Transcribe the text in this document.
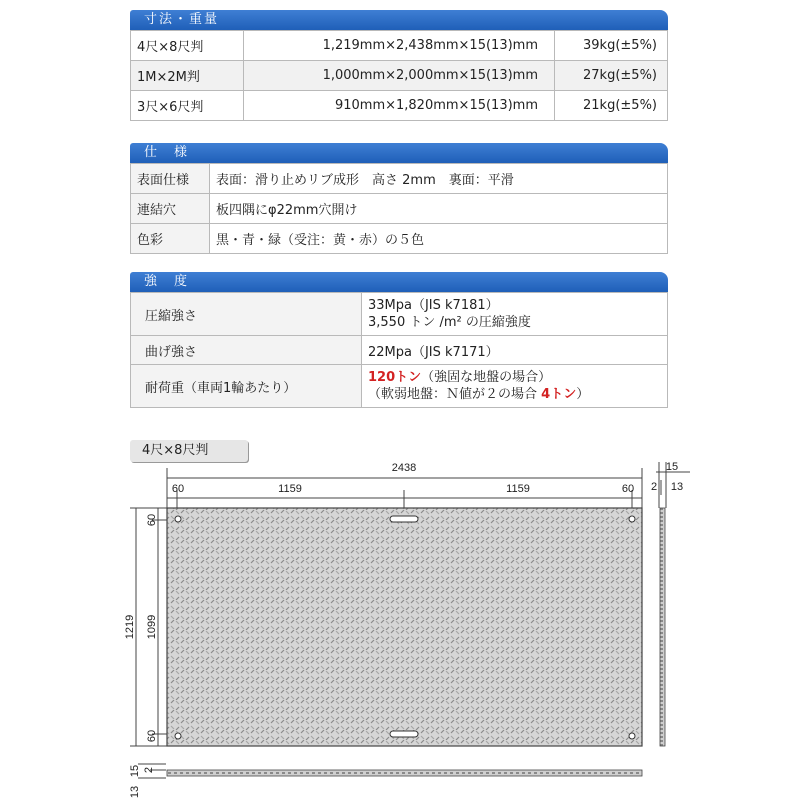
寸法・重量
4尺×8尺判	1,219mm×2,438mm×15(13)mm	39kg(±5%)
1M×2M判	1,000mm×2,000mm×15(13)mm	27kg(±5%)
3尺×6尺判	910mm×1,820mm×15(13)mm	21kg(±5%)
仕　様
表面仕様	表面：滑り止めリブ成形　高さ 2mm　裏面：平滑
連結穴	板四隅にφ22mm穴開け
色彩	黒・青・緑（受注：黄・赤）の５色
強　度
圧縮強さ	33Mpa（JIS k7181）
3,550 トン /m² の圧縮強度

曲げ強さ	22Mpa（JIS k7171）
耐荷重（車両1輪あたり）	120トン（強固な地盤の場合）
（軟弱地盤：Ｎ値が２の場合 4トン）
4尺×8尺判
2438
60	1159	1159	60
1219 1099
60
60
15
2 13
15 2
13
